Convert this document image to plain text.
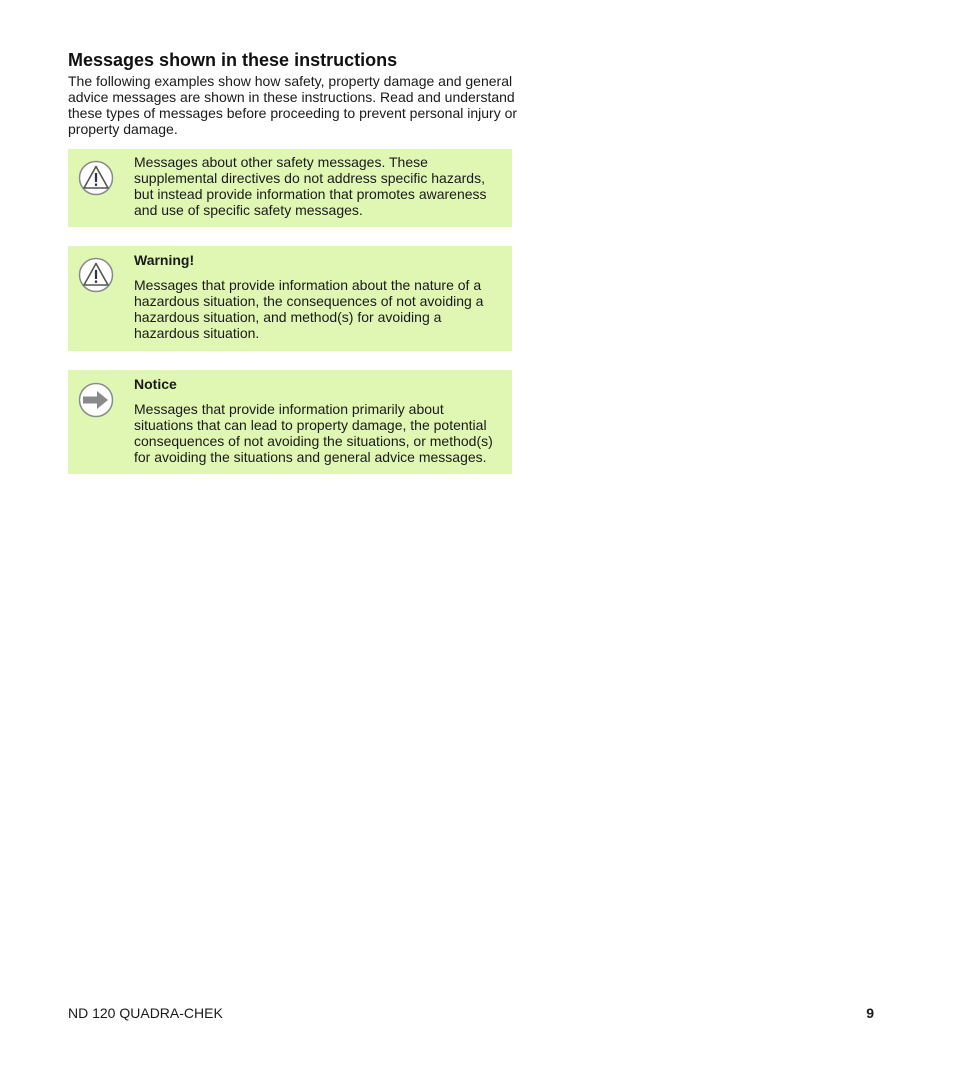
Messages shown in these instructions

The following examples show how safety, property damage and general advice messages are shown in these instructions. Read and understand these types of messages before proceeding to prevent personal injury or property damage.

Messages about other safety messages. These supplemental directives do not address specific hazards, but instead provide information that promotes awareness and use of specific safety messages.

Warning!

Messages that provide information about the nature of a hazardous situation, the consequences of not avoiding a hazardous situation, and method(s) for avoiding a hazardous situation.

Notice

Messages that provide information primarily about situations that can lead to property damage, the potential consequences of not avoiding the situations, or method(s) for avoiding the situations and general advice messages.

ND 120 QUADRA-CHEK	9
